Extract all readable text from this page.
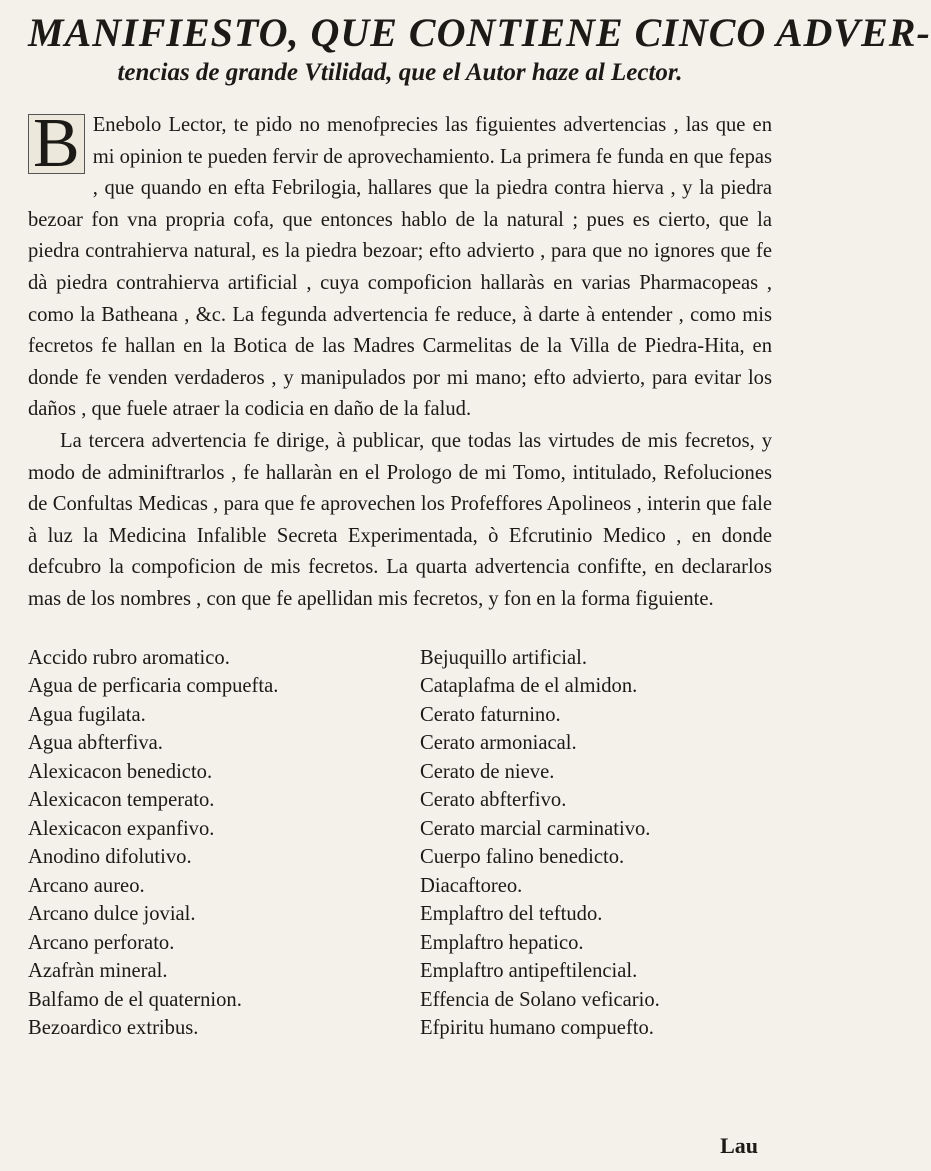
MANIFIESTO, QUE CONTIENE CINCO ADVER-
tencias de grande Vtilidad, que el Autor haze al Lector.

B Enebolo Lector, te pido no menofprecies las figuientes advertencias , las que en mi opinion te pueden fervir de aprovechamiento. La primera fe funda en que fepas , que quando en efta Febrilogia, hallares que la piedra contra hierva , y la piedra bezoar fon vna propria cofa, que entonces hablo de la natural ; pues es cierto, que la piedra contrahierva natural, es la piedra bezoar; efto advierto , para que no ignores que fe dà piedra contrahierva artificial , cuya compoficion hallaràs en varias Pharmacopeas , como la Batheana , &c. La fegunda advertencia fe reduce, à darte à entender , como mis fecretos fe hallan en la Botica de las Madres Carmelitas de la Villa de Piedra-Hita, en donde fe venden verdaderos , y manipulados por mi mano; efto advierto, para evitar los daños , que fuele atraer la codicia en daño de la falud.

La tercera advertencia fe dirige, à publicar, que todas las virtudes de mis fecretos, y modo de adminiftrarlos , fe hallaràn en el Prologo de mi Tomo, intitulado, Refoluciones de Confultas Medicas , para que fe aprovechen los Profeffores Apolineos , interin que fale à luz la Medicina Infalible Secreta Experimentada, ò Efcrutinio Medico , en donde defcubro la compoficion de mis fecretos. La quarta advertencia confifte, en declararlos mas de los nombres , con que fe apellidan mis fecretos, y fon en la forma figuiente.

Accido rubro aromatico.
Agua de perficaria compuefta.
Agua fugilata.
Agua abfterfiva.
Alexicacon benedicto.
Alexicacon temperato.
Alexicacon expanfivo.
Anodino difolutivo.
Arcano aureo.
Arcano dulce jovial.
Arcano perforato.
Azafràn mineral.
Balfamo de el quaternion.
Bezoardico extribus.
Bejuquillo artificial.
Cataplafma de el almidon.
Cerato faturnino.
Cerato armoniacal.
Cerato de nieve.
Cerato abfterfivo.
Cerato marcial carminativo.
Cuerpo falino benedicto.
Diacaftoreo.
Emplaftro del teftudo.
Emplaftro hepatico.
Emplaftro antipeftilencial.
Effencia de Solano veficario.
Efpiritu humano compuefto.
Lau
